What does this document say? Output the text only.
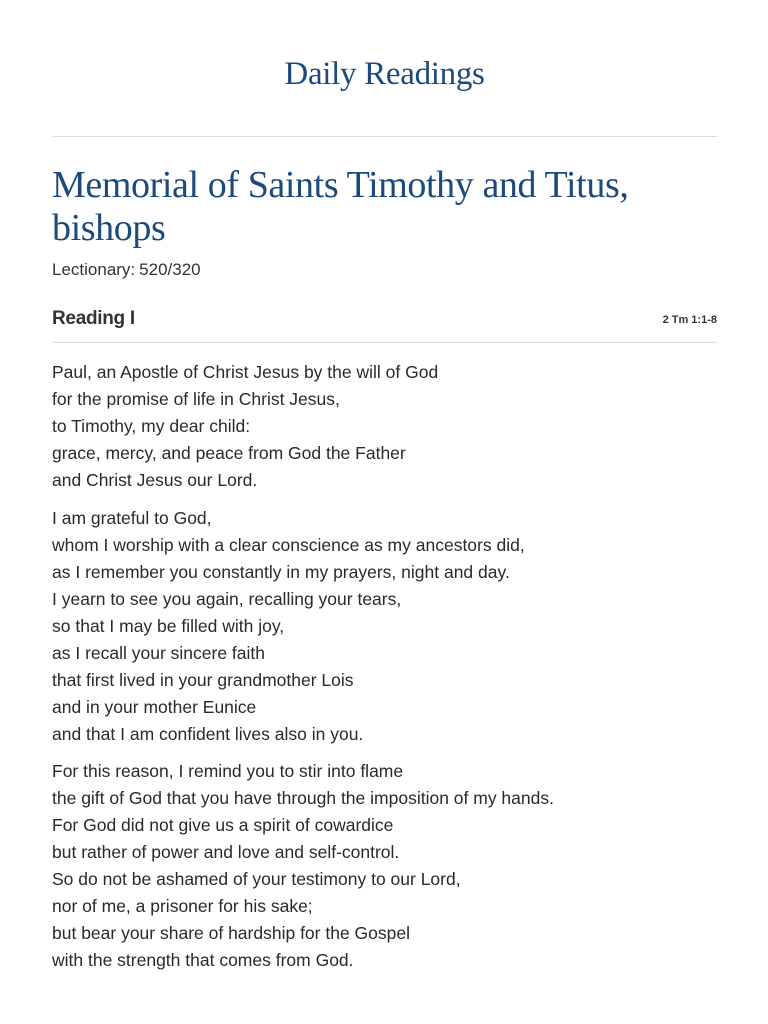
Daily Readings
Memorial of Saints Timothy and Titus, bishops
Lectionary: 520/320
Reading I	2 Tm 1:1-8
Paul, an Apostle of Christ Jesus by the will of God
for the promise of life in Christ Jesus,
to Timothy, my dear child:
grace, mercy, and peace from God the Father
and Christ Jesus our Lord.
I am grateful to God,
whom I worship with a clear conscience as my ancestors did,
as I remember you constantly in my prayers, night and day.
I yearn to see you again, recalling your tears,
so that I may be filled with joy,
as I recall your sincere faith
that first lived in your grandmother Lois
and in your mother Eunice
and that I am confident lives also in you.
For this reason, I remind you to stir into flame
the gift of God that you have through the imposition of my hands.
For God did not give us a spirit of cowardice
but rather of power and love and self-control.
So do not be ashamed of your testimony to our Lord,
nor of me, a prisoner for his sake;
but bear your share of hardship for the Gospel
with the strength that comes from God.
